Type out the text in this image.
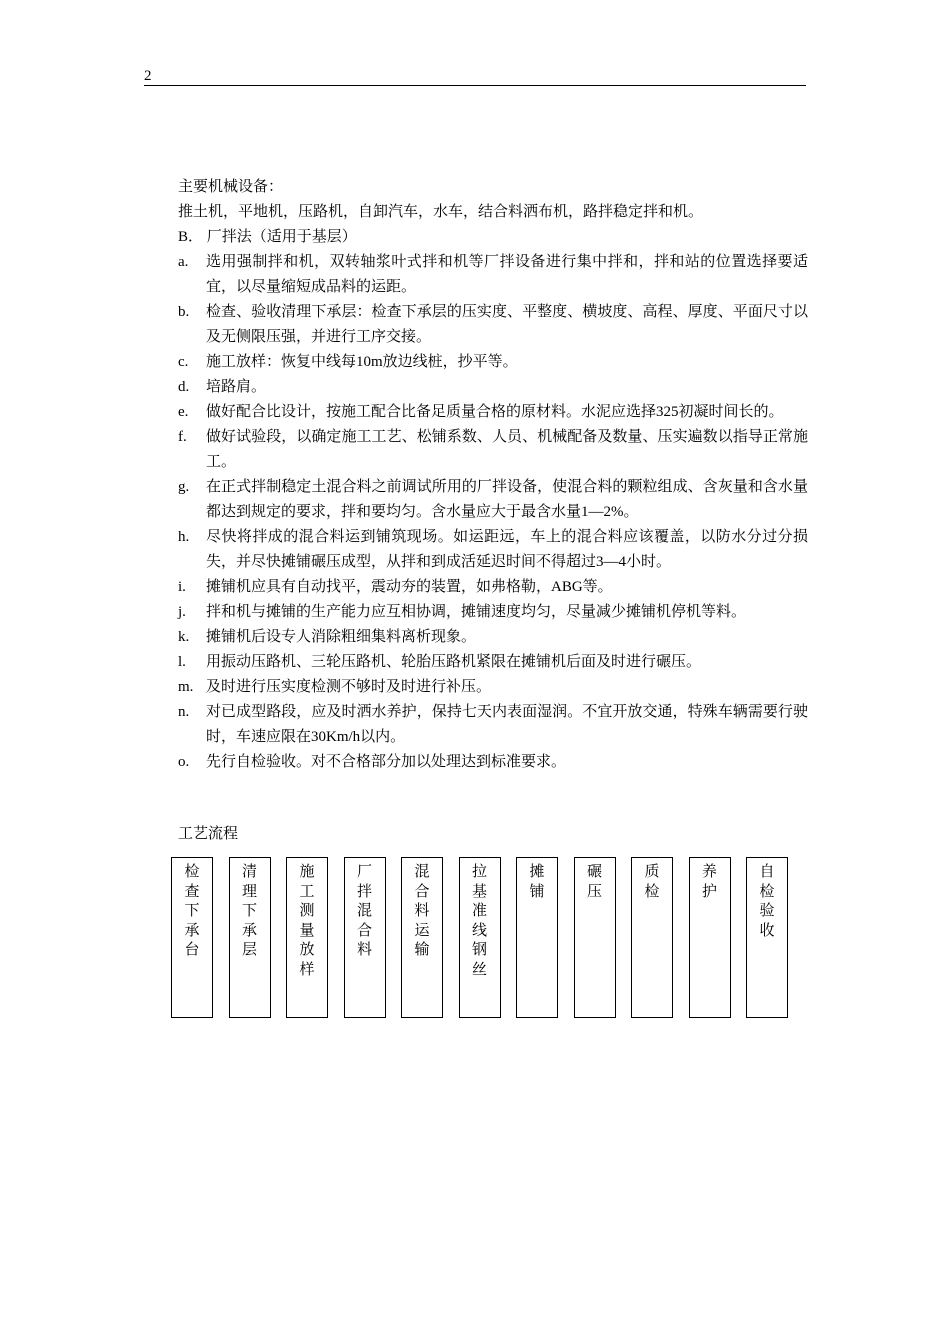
2
主要机械设备：
推土机，平地机，压路机，自卸汽车，水车，结合料洒布机，路拌稳定拌和机。
B． 厂拌法（适用于基层）
a.	选用强制拌和机，双转轴浆叶式拌和机等厂拌设备进行集中拌和，拌和站的位置选择要适宜，以尽量缩短成品料的运距。
b.	检查、验收清理下承层：检查下承层的压实度、平整度、横坡度、高程、厚度、平面尺寸以及无侧限压强，并进行工序交接。
c.	施工放样：恢复中线每10m放边线桩，抄平等。
d.	培路肩。
e.	做好配合比设计，按施工配合比备足质量合格的原材料。水泥应选择325初凝时间长的。
f.	做好试验段，以确定施工工艺、松铺系数、人员、机械配备及数量、压实遍数以指导正常施工。
g.	在正式拌制稳定土混合料之前调试所用的厂拌设备，使混合料的颗粒组成、含灰量和含水量都达到规定的要求，拌和要均匀。含水量应大于最含水量1—2%。
h.	尽快将拌成的混合料运到铺筑现场。如运距远，车上的混合料应该覆盖，以防水分过分损失，并尽快摊铺碾压成型，从拌和到成活延迟时间不得超过3—4小时。
i.	摊铺机应具有自动找平，震动夯的装置，如弗格勒，ABG等。
j.	拌和机与摊铺的生产能力应互相协调，摊铺速度均匀，尽量减少摊铺机停机等料。
k.	摊铺机后设专人消除粗细集料离析现象。
l.	用振动压路机、三轮压路机、轮胎压路机紧限在摊铺机后面及时进行碾压。
m. 及时进行压实度检测不够时及时进行补压。
n.	对已成型路段，应及时洒水养护，保持七天内表面湿润。不宜开放交通，特殊车辆需要行驶时，车速应限在30Km/h以内。
o.	先行自检验收。对不合格部分加以处理达到标准要求。
工艺流程
检查下承台
清理下承层
施工测量放样
厂拌混合料
混合料运输
拉基准线钢丝
摊铺
碾压
质检
养护
自检验收
